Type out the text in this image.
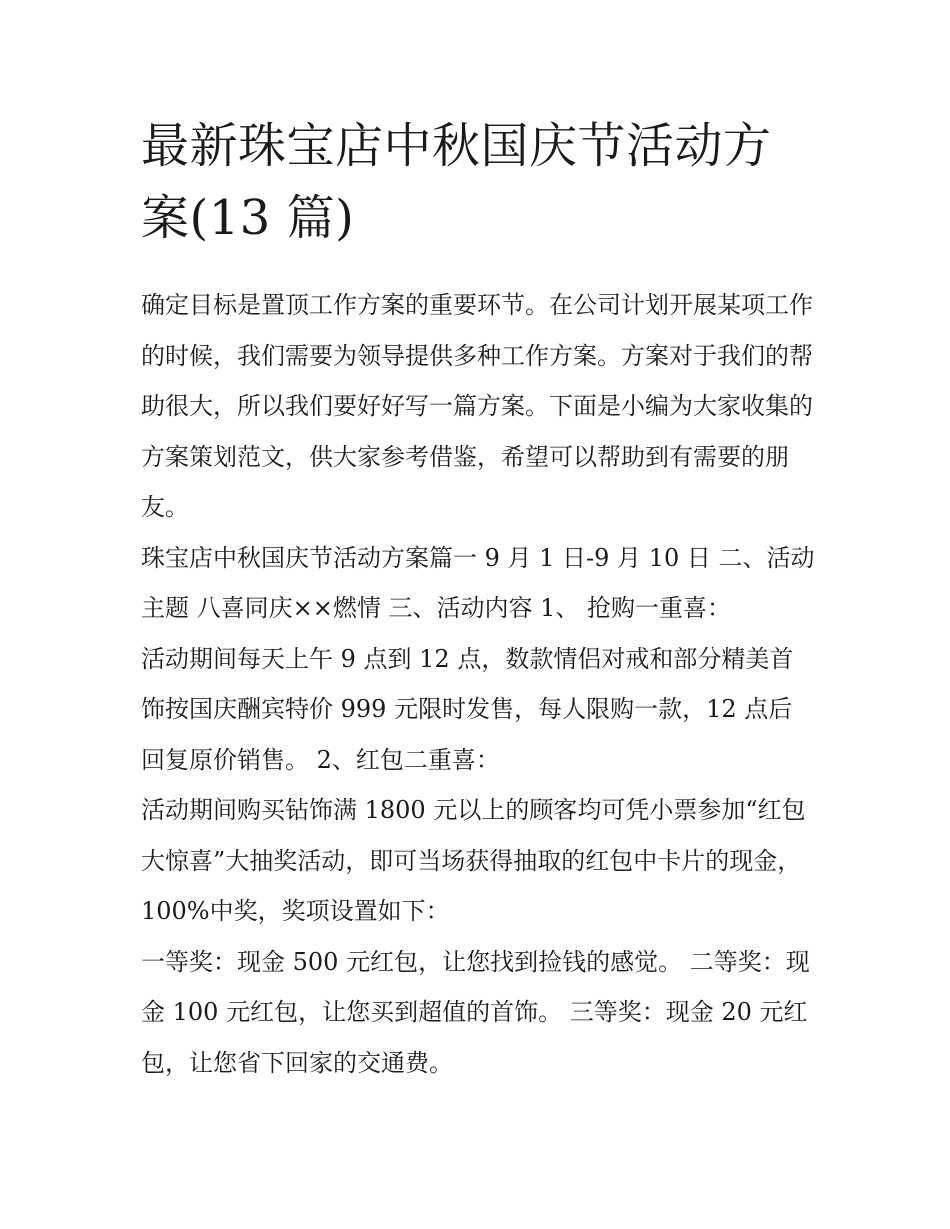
最新珠宝店中秋国庆节活动方案(13 篇)

确定目标是置顶工作方案的重要环节。在公司计划开展某项工作的时候，我们需要为领导提供多种工作方案。方案对于我们的帮助很大，所以我们要好好写一篇方案。下面是小编为大家收集的方案策划范文，供大家参考借鉴，希望可以帮助到有需要的朋友。

珠宝店中秋国庆节活动方案篇一 9 月 1 日-9 月 10 日 二、活动主题 八喜同庆××燃情 三、活动内容 1、 抢购一重喜：

活动期间每天上午 9 点到 12 点，数款情侣对戒和部分精美首饰按国庆酬宾特价 999 元限时发售，每人限购一款，12 点后回复原价销售。 2、红包二重喜：

活动期间购买钻饰满 1800 元以上的顾客均可凭小票参加“红包大惊喜”大抽奖活动，即可当场获得抽取的红包中卡片的现金，100%中奖，奖项设置如下：

一等奖：现金 500 元红包，让您找到捡钱的感觉。 二等奖：现金 100 元红包，让您买到超值的首饰。 三等奖：现金 20 元红包，让您省下回家的交通费。
